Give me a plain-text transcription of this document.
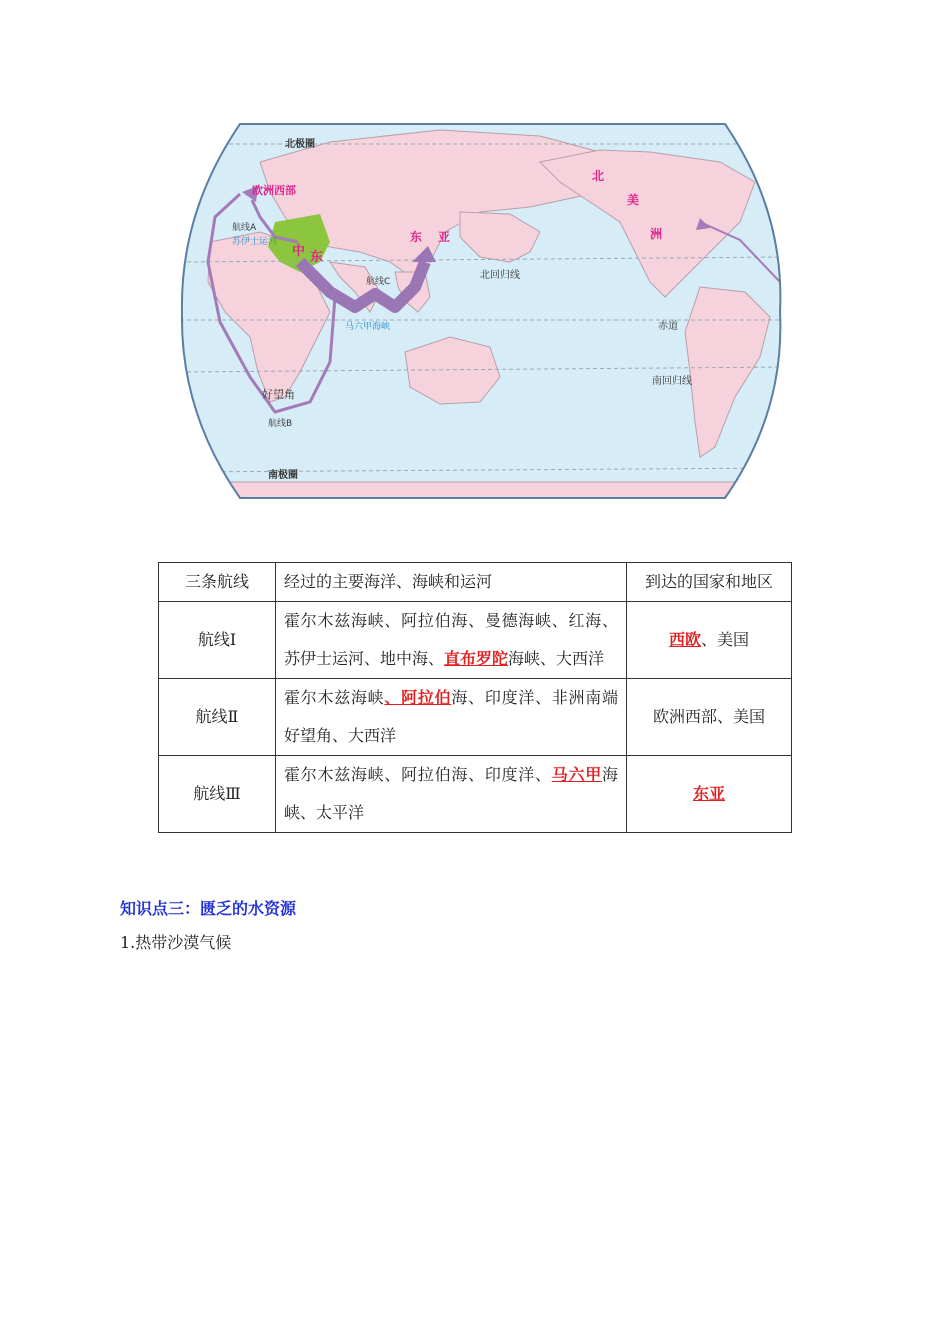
北极圈
欧洲西部
航线A
苏伊士运河
中 东
东 亚
北回归线
航线C
马六甲海峡
北
美
洲
赤道
南回归线
好望角
航线B
南极圈
三条航线	经过的主要海洋、海峡和运河	到达的国家和地区
航线Ⅰ	霍尔木兹海峡、阿拉伯海、曼德海峡、红海、苏伊士运河、地中海、直布罗陀海峡、大西洋	西欧、美国
航线Ⅱ	霍尔木兹海峡、阿拉伯海、印度洋、非洲南端好望角、大西洋	欧洲西部、美国
航线Ⅲ	霍尔木兹海峡、阿拉伯海、印度洋、马六甲海峡、太平洋	东亚
知识点三：匮乏的水资源
1.热带沙漠气候
